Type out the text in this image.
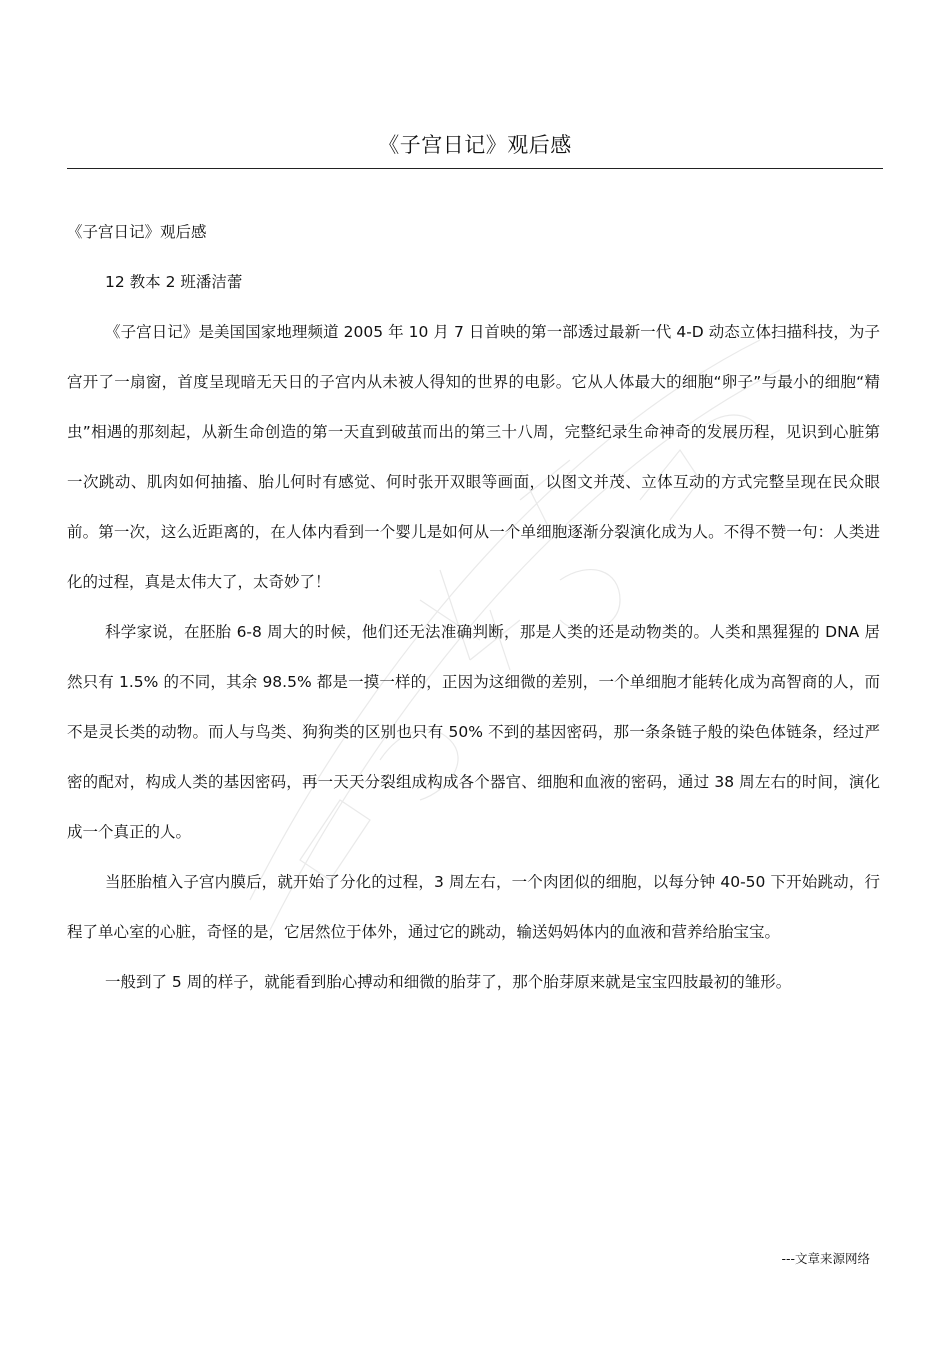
《子宫日记》观后感

《子宫日记》观后感

12 教本 2 班潘洁蕾

《子宫日记》是美国国家地理频道 2005 年 10 月 7 日首映的第一部透过最新一代 4-D 动态立体扫描科技，为子宫开了一扇窗，首度呈现暗无天日的子宫内从未被人得知的世界的电影。它从人体最大的细胞“卵子”与最小的细胞“精虫”相遇的那刻起，从新生命创造的第一天直到破茧而出的第三十八周，完整纪录生命神奇的发展历程，见识到心脏第一次跳动、肌肉如何抽搐、胎儿何时有感觉、何时张开双眼等画面，以图文并茂、立体互动的方式完整呈现在民众眼前。第一次，这么近距离的，在人体内看到一个婴儿是如何从一个单细胞逐渐分裂演化成为人。不得不赞一句：人类进化的过程，真是太伟大了，太奇妙了！

科学家说，在胚胎 6-8 周大的时候，他们还无法准确判断，那是人类的还是动物类的。人类和黑猩猩的 DNA 居然只有 1.5% 的不同，其余 98.5% 都是一摸一样的，正因为这细微的差别，一个单细胞才能转化成为高智商的人，而不是灵长类的动物。而人与鸟类、狗狗类的区别也只有 50% 不到的基因密码，那一条条链子般的染色体链条，经过严密的配对，构成人类的基因密码，再一天天分裂组成构成各个器官、细胞和血液的密码，通过 38 周左右的时间，演化成一个真正的人。

当胚胎植入子宫内膜后，就开始了分化的过程，3 周左右，一个肉团似的细胞，以每分钟 40-50 下开始跳动，行程了单心室的心脏，奇怪的是，它居然位于体外，通过它的跳动，输送妈妈体内的血液和营养给胎宝宝。

一般到了 5 周的样子，就能看到胎心搏动和细微的胎芽了，那个胎芽原来就是宝宝四肢最初的雏形。

---文章来源网络
